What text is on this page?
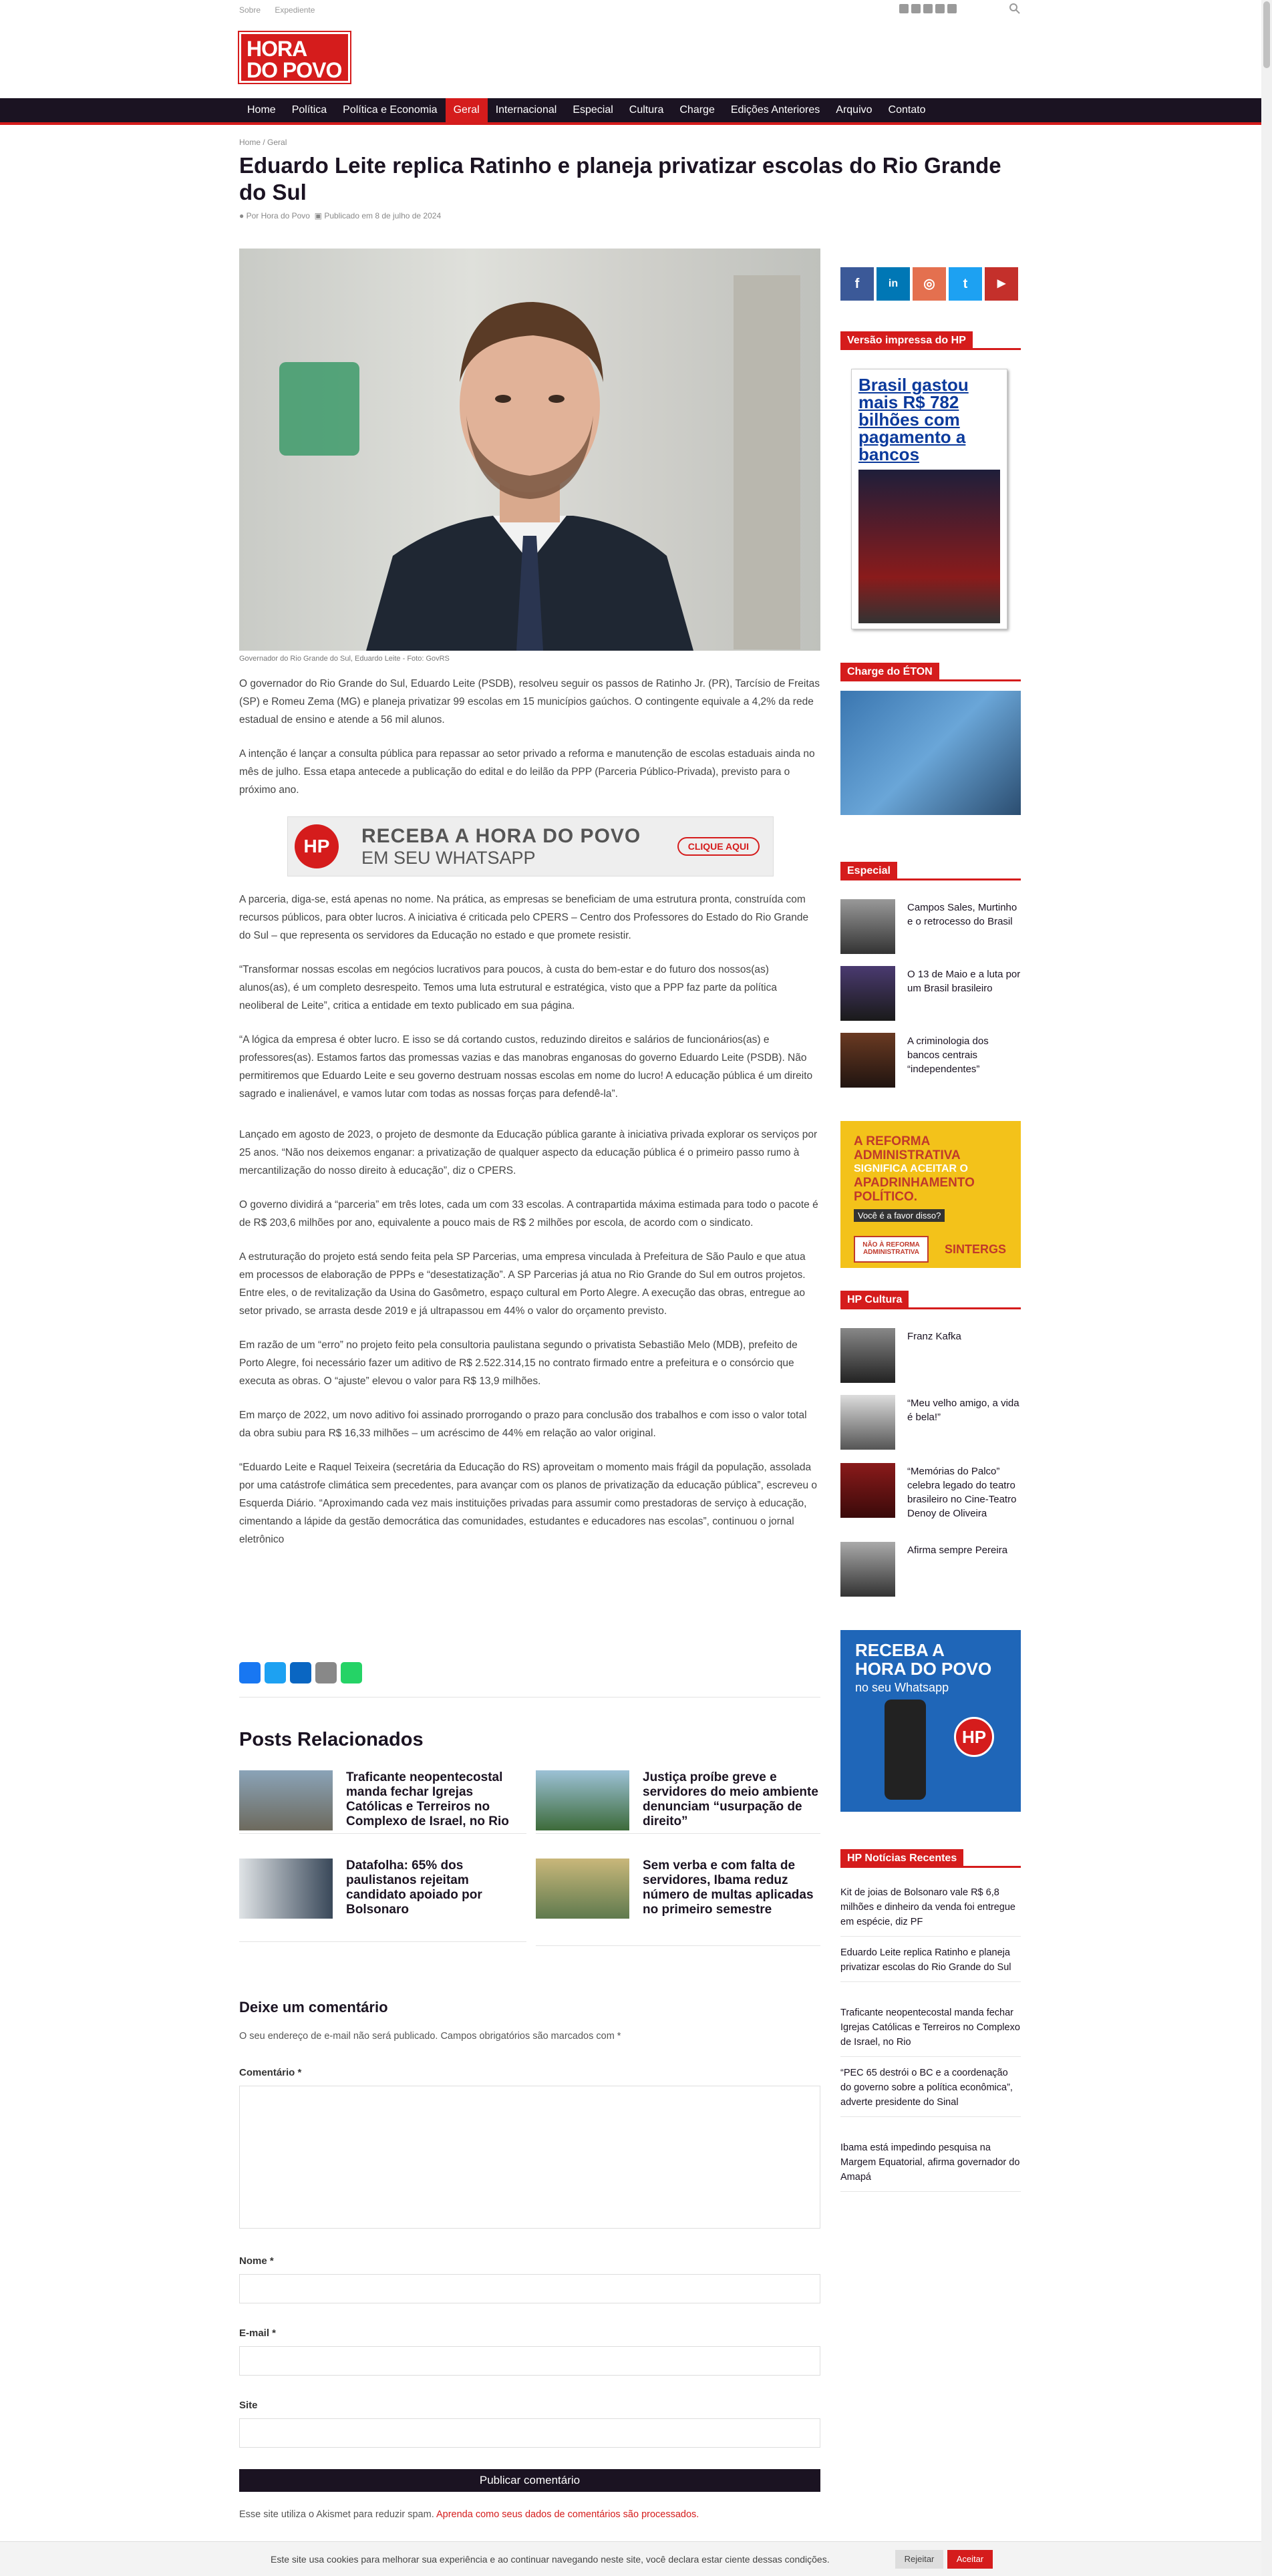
Sobre Expediente
HORA
DO POVO
Home	Política	Política e Economia	Geral	Internacional	Especial	Cultura	Charge	Edições Anteriores	Arquivo	Contato
Home / Geral
Eduardo Leite replica Ratinho e planeja privatizar escolas do Rio Grande do Sul
● Por Hora do Povo ▣ Publicado em 8 de julho de 2024
Governador do Rio Grande do Sul, Eduardo Leite - Foto: GovRS

O governador do Rio Grande do Sul, Eduardo Leite (PSDB), resolveu seguir os passos de Ratinho Jr. (PR), Tarcísio de Freitas (SP) e Romeu Zema (MG) e planeja privatizar 99 escolas em 15 municípios gaúchos. O contingente equivale a 4,2% da rede estadual de ensino e atende a 56 mil alunos.

A intenção é lançar a consulta pública para repassar ao setor privado a reforma e manutenção de escolas estaduais ainda no mês de julho. Essa etapa antecede a publicação do edital e do leilão da PPP (Parceria Público-Privada), previsto para o próximo ano.

HP	RECEBA A HORA DO POVO
EM SEU WHATSAPP
CLIQUE AQUI

A parceria, diga-se, está apenas no nome. Na prática, as empresas se beneficiam de uma estrutura pronta, construída com recursos públicos, para obter lucros. A iniciativa é criticada pelo CPERS – Centro dos Professores do Estado do Rio Grande do Sul – que representa os servidores da Educação no estado e que promete resistir.

“Transformar nossas escolas em negócios lucrativos para poucos, à custa do bem-estar e do futuro dos nossos(as) alunos(as), é um completo desrespeito. Temos uma luta estrutural e estratégica, visto que a PPP faz parte da política neoliberal de Leite”, critica a entidade em texto publicado em sua página.

“A lógica da empresa é obter lucro. E isso se dá cortando custos, reduzindo direitos e salários de funcionários(as) e professores(as). Estamos fartos das promessas vazias e das manobras enganosas do governo Eduardo Leite (PSDB). Não permitiremos que Eduardo Leite e seu governo destruam nossas escolas em nome do lucro! A educação pública é um direito sagrado e inalienável, e vamos lutar com todas as nossas forças para defendê-la”.

Lançado em agosto de 2023, o projeto de desmonte da Educação pública garante à iniciativa privada explorar os serviços por 25 anos. “Não nos deixemos enganar: a privatização de qualquer aspecto da educação pública é o primeiro passo rumo à mercantilização do nosso direito à educação”, diz o CPERS.

O governo dividirá a “parceria” em três lotes, cada um com 33 escolas. A contrapartida máxima estimada para todo o pacote é de R$ 203,6 milhões por ano, equivalente a pouco mais de R$ 2 milhões por escola, de acordo com o sindicato.

A estruturação do projeto está sendo feita pela SP Parcerias, uma empresa vinculada à Prefeitura de São Paulo e que atua em processos de elaboração de PPPs e “desestatização”. A SP Parcerias já atua no Rio Grande do Sul em outros projetos. Entre eles, o de revitalização da Usina do Gasômetro, espaço cultural em Porto Alegre. A execução das obras, entregue ao setor privado, se arrasta desde 2019 e já ultrapassou em 44% o valor do orçamento previsto.

Em razão de um “erro” no projeto feito pela consultoria paulistana segundo o privatista Sebastião Melo (MDB), prefeito de Porto Alegre, foi necessário fazer um aditivo de R$ 2.522.314,15 no contrato firmado entre a prefeitura e o consórcio que executa as obras. O “ajuste” elevou o valor para R$ 13,9 milhões.

Em março de 2022, um novo aditivo foi assinado prorrogando o prazo para conclusão dos trabalhos e com isso o valor total da obra subiu para R$ 16,33 milhões – um acréscimo de 44% em relação ao valor original.

“Eduardo Leite e Raquel Teixeira (secretária da Educação do RS) aproveitam o momento mais frágil da população, assolada por uma catástrofe climática sem precedentes, para avançar com os planos de privatização da educação pública”, escreveu o Esquerda Diário. “Aproximando cada vez mais instituições privadas para assumir como prestadoras de serviço à educação, cimentando a lápide da gestão democrática das comunidades, estudantes e educadores nas escolas”, continuou o jornal eletrônico

Posts Relacionados
Traficante neopentecostal manda fechar Igrejas Católicas e Terreiros no Complexo de Israel, no Rio
Justiça proíbe greve e servidores do meio ambiente denunciam “usurpação de direito”
Datafolha: 65% dos paulistanos rejeitam candidato apoiado por Bolsonaro
Sem verba e com falta de servidores, Ibama reduz número de multas aplicadas no primeiro semestre
Deixe um comentário
O seu endereço de e-mail não será publicado. Campos obrigatórios são marcados com *
Comentário *
Nome *
E-mail *
Site
Publicar comentário
Esse site utiliza o Akismet para reduzir spam. Aprenda como seus dados de comentários são processados.
f	in	◎	t	▶
Versão impressa do HP
Brasil gastou mais R$ 782 bilhões com pagamento a bancos
Charge do ÉTON
Especial
Campos Sales, Murtinho e o retrocesso do Brasil
O 13 de Maio e a luta por um Brasil brasileiro
A criminologia dos bancos centrais “independentes”
A REFORMA ADMINISTRATIVA
SIGNIFICA ACEITAR O
APADRINHAMENTO POLÍTICO.
Você é a favor disso?
NÃO À REFORMA ADMINISTRATIVA	SINTERGS
HP Cultura
Franz Kafka
“Meu velho amigo, a vida é bela!”
“Memórias do Palco” celebra legado do teatro brasileiro no Cine-Teatro Denoy de Oliveira
Afirma sempre Pereira
RECEBA A
HORA DO POVO
no seu Whatsapp
HP
HP Notícias Recentes
Kit de joias de Bolsonaro vale R$ 6,8 milhões e dinheiro da venda foi entregue em espécie, diz PF
Eduardo Leite replica Ratinho e planeja privatizar escolas do Rio Grande do Sul
Traficante neopentecostal manda fechar Igrejas Católicas e Terreiros no Complexo de Israel, no Rio
“PEC 65 destrói o BC e a coordenação do governo sobre a política econômica”, adverte presidente do Sinal
Ibama está impedindo pesquisa na Margem Equatorial, afirma governador do Amapá
Este site usa cookies para melhorar sua experiência e ao continuar navegando neste site, você declara estar ciente dessas condições.	Rejeitar	Aceitar
